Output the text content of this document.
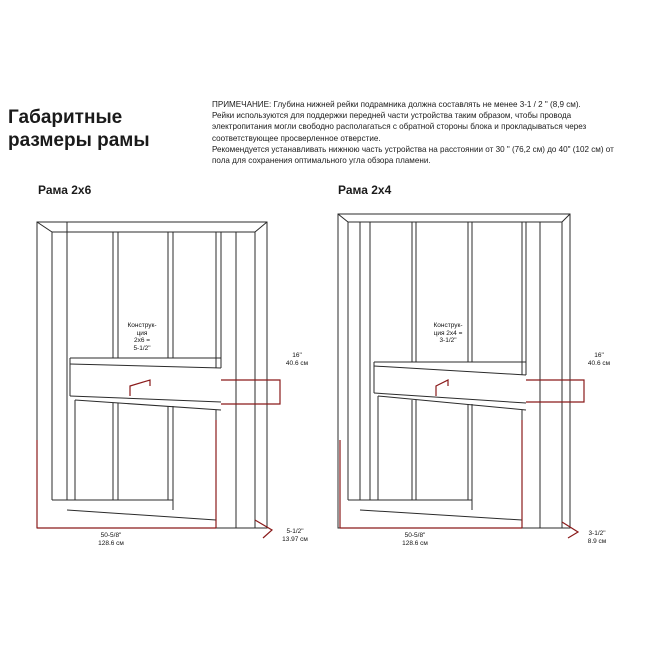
Габаритные
размеры рамы

ПРИМЕЧАНИЕ: Глубина нижней рейки подрамника должна составлять не менее 3-1 / 2 " (8,9 см).

Рейки используются для поддержки передней части устройства таким образом, чтобы провода электропитания могли свободно располагаться с обратной стороны блока и прокладываться через соответствующее просверленное отверстие.

Рекомендуется устанавливать нижнюю часть устройства на расстоянии от 30 " (76,2 см) до 40" (102 см) от пола для сохранения оптимального угла обзора пламени.

Рама 2x6	Рама 2x4
Конструк-
ция
2x6 =
5-1/2"
16"
40.6 см
50-5/8"
128.6 см
5-1/2"
13.97 см
Конструк-
ция 2x4 =
3-1/2"
16"
40.6 см
50-5/8"
128.6 см
3-1/2"
8.9 см
